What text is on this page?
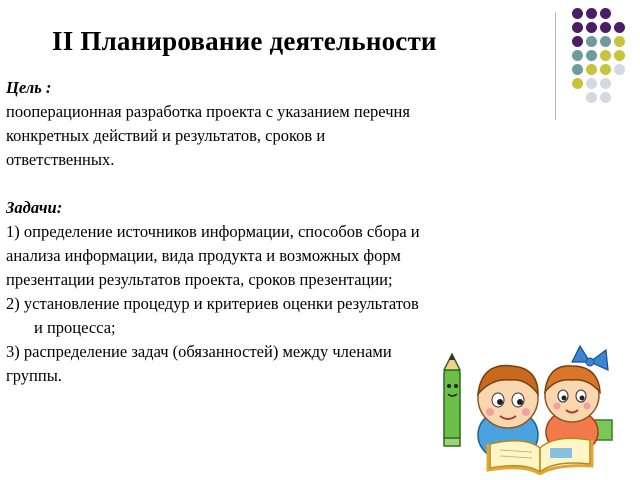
II Планирование деятельности
Цель :

пооперационная разработка проекта с указанием перечня
конкретных действий и результатов, сроков и
ответственных.

Задачи:
1) определение источников информации, способов сбора и
анализа информации, вида продукта и возможных форм
презентации результатов проекта, сроков презентации;
2) установление процедур и критериев оценки результатов
и процесса;
3) распределение задач (обязанностей) между членами
группы.
